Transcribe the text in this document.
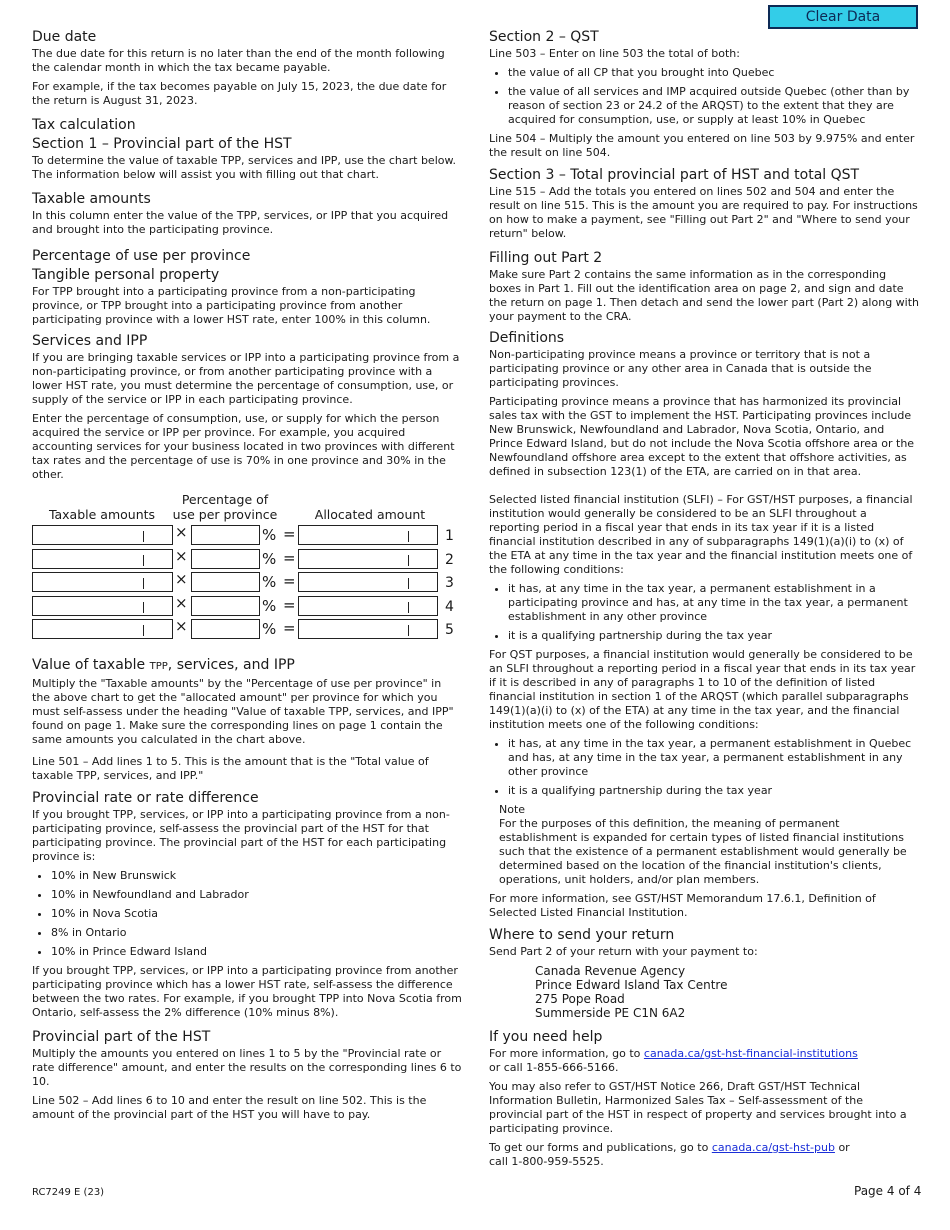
Clear Data
Due date

The due date for this return is no later than the end of the month following the calendar month in which the tax became payable.

For example, if the tax becomes payable on July 15, 2023, the due date for the return is August 31, 2023.

Tax calculation
Section 1 – Provincial part of the HST

To determine the value of taxable TPP, services and IPP, use the chart below. The information below will assist you with filling out that chart.

Taxable amounts

In this column enter the value of the TPP, services, or IPP that you acquired and brought into the participating province.

Percentage of use per province
Tangible personal property

For TPP brought into a participating province from a non-participating province, or TPP brought into a participating province from another participating province with a lower HST rate, enter 100% in this column.

Services and IPP

If you are bringing taxable services or IPP into a participating province from a non-participating province, or from another participating province with a lower HST rate, you must determine the percentage of consumption, use, or supply of the service or IPP in each participating province.

Enter the percentage of consumption, use, or supply for which the person acquired the service or IPP per province. For example, you acquired accounting services for your business located in two provinces with different tax rates and the percentage of use is 70% in one province and 30% in the other.

Taxable amounts
Percentage of use per province	Allocated amount
×	% =	1
×	% =	2
×	% =	3
×	% =	4
×	% =	5
Value of taxable TPP, services, and IPP

Multiply the "Taxable amounts" by the "Percentage of use per province" in the above chart to get the "allocated amount" per province for which you must self-assess under the heading "Value of taxable TPP, services, and IPP" found on page 1. Make sure the corresponding lines on page 1 contain the same amounts you calculated in the chart above.

Line 501 – Add lines 1 to 5. This is the amount that is the "Total value of taxable TPP, services, and IPP."

Provincial rate or rate difference

If you brought TPP, services, or IPP into a participating province from a non-participating province, self-assess the provincial part of the HST for that participating province. The provincial part of the HST for each participating province is:

• 10% in New Brunswick
• 10% in Newfoundland and Labrador
• 10% in Nova Scotia
• 8% in Ontario
• 10% in Prince Edward Island

If you brought TPP, services, or IPP into a participating province from another participating province which has a lower HST rate, self-assess the difference between the two rates. For example, if you brought TPP into Nova Scotia from Ontario, self-assess the 2% difference (10% minus 8%).

Provincial part of the HST

Multiply the amounts you entered on lines 1 to 5 by the "Provincial rate or rate difference" amount, and enter the results on the corresponding lines 6 to 10.

Line 502 – Add lines 6 to 10 and enter the result on line 502. This is the amount of the provincial part of the HST you will have to pay.

Section 2 – QST

Line 503 – Enter on line 503 the total of both:

• the value of all CP that you brought into Quebec
• the value of all services and IMP acquired outside Quebec (other than by reason of section 23 or 24.2 of the ARQST) to the extent that they are acquired for consumption, use, or supply at least 10% in Quebec

Line 504 – Multiply the amount you entered on line 503 by 9.975% and enter the result on line 504.

Section 3 – Total provincial part of HST and total QST

Line 515 – Add the totals you entered on lines 502 and 504 and enter the result on line 515. This is the amount you are required to pay. For instructions on how to make a payment, see "Filling out Part 2" and "Where to send your return" below.

Filling out Part 2

Make sure Part 2 contains the same information as in the corresponding boxes in Part 1. Fill out the identification area on page 2, and sign and date the return on page 1. Then detach and send the lower part (Part 2) along with your payment to the CRA.

Definitions

Non-participating province means a province or territory that is not a participating province or any other area in Canada that is outside the participating provinces.

Participating province means a province that has harmonized its provincial sales tax with the GST to implement the HST. Participating provinces include New Brunswick, Newfoundland and Labrador, Nova Scotia, Ontario, and Prince Edward Island, but do not include the Nova Scotia offshore area or the Newfoundland offshore area except to the extent that offshore activities, as defined in subsection 123(1) of the ETA, are carried on in that area.

Selected listed financial institution (SLFI) – For GST/HST purposes, a financial institution would generally be considered to be an SLFI throughout a reporting period in a fiscal year that ends in its tax year if it is a listed financial institution described in any of subparagraphs 149(1)(a)(i) to (x) of the ETA at any time in the tax year and the financial institution meets one of the following conditions:

• it has, at any time in the tax year, a permanent establishment in a participating province and has, at any time in the tax year, a permanent establishment in any other province
• it is a qualifying partnership during the tax year

For QST purposes, a financial institution would generally be considered to be an SLFI throughout a reporting period in a fiscal year that ends in its tax year if it is described in any of paragraphs 1 to 10 of the definition of listed financial institution in section 1 of the ARQST (which parallel subparagraphs 149(1)(a)(i) to (x) of the ETA) at any time in the tax year, and the financial institution meets one of the following conditions:

• it has, at any time in the tax year, a permanent establishment in Quebec and has, at any time in the tax year, a permanent establishment in any other province
• it is a qualifying partnership during the tax year
Note

For the purposes of this definition, the meaning of permanent establishment is expanded for certain types of listed financial institutions such that the existence of a permanent establishment would generally be determined based on the location of the financial institution's clients, operations, unit holders, and/or plan members.

For more information, see GST/HST Memorandum 17.6.1, Definition of Selected Listed Financial Institution.

Where to send your return

Send Part 2 of your return with your payment to:

Canada Revenue Agency
Prince Edward Island Tax Centre
275 Pope Road
Summerside PE C1N 6A2
If you need help

For more information, go to canada.ca/gst-hst-financial-institutions
or call 1-855-666-5166.

You may also refer to GST/HST Notice 266, Draft GST/HST Technical Information Bulletin, Harmonized Sales Tax – Self-assessment of the provincial part of the HST in respect of property and services brought into a participating province.

To get our forms and publications, go to canada.ca/gst-hst-pub or
call 1-800-959-5525.

RC7249 E (23)	Page 4 of 4
